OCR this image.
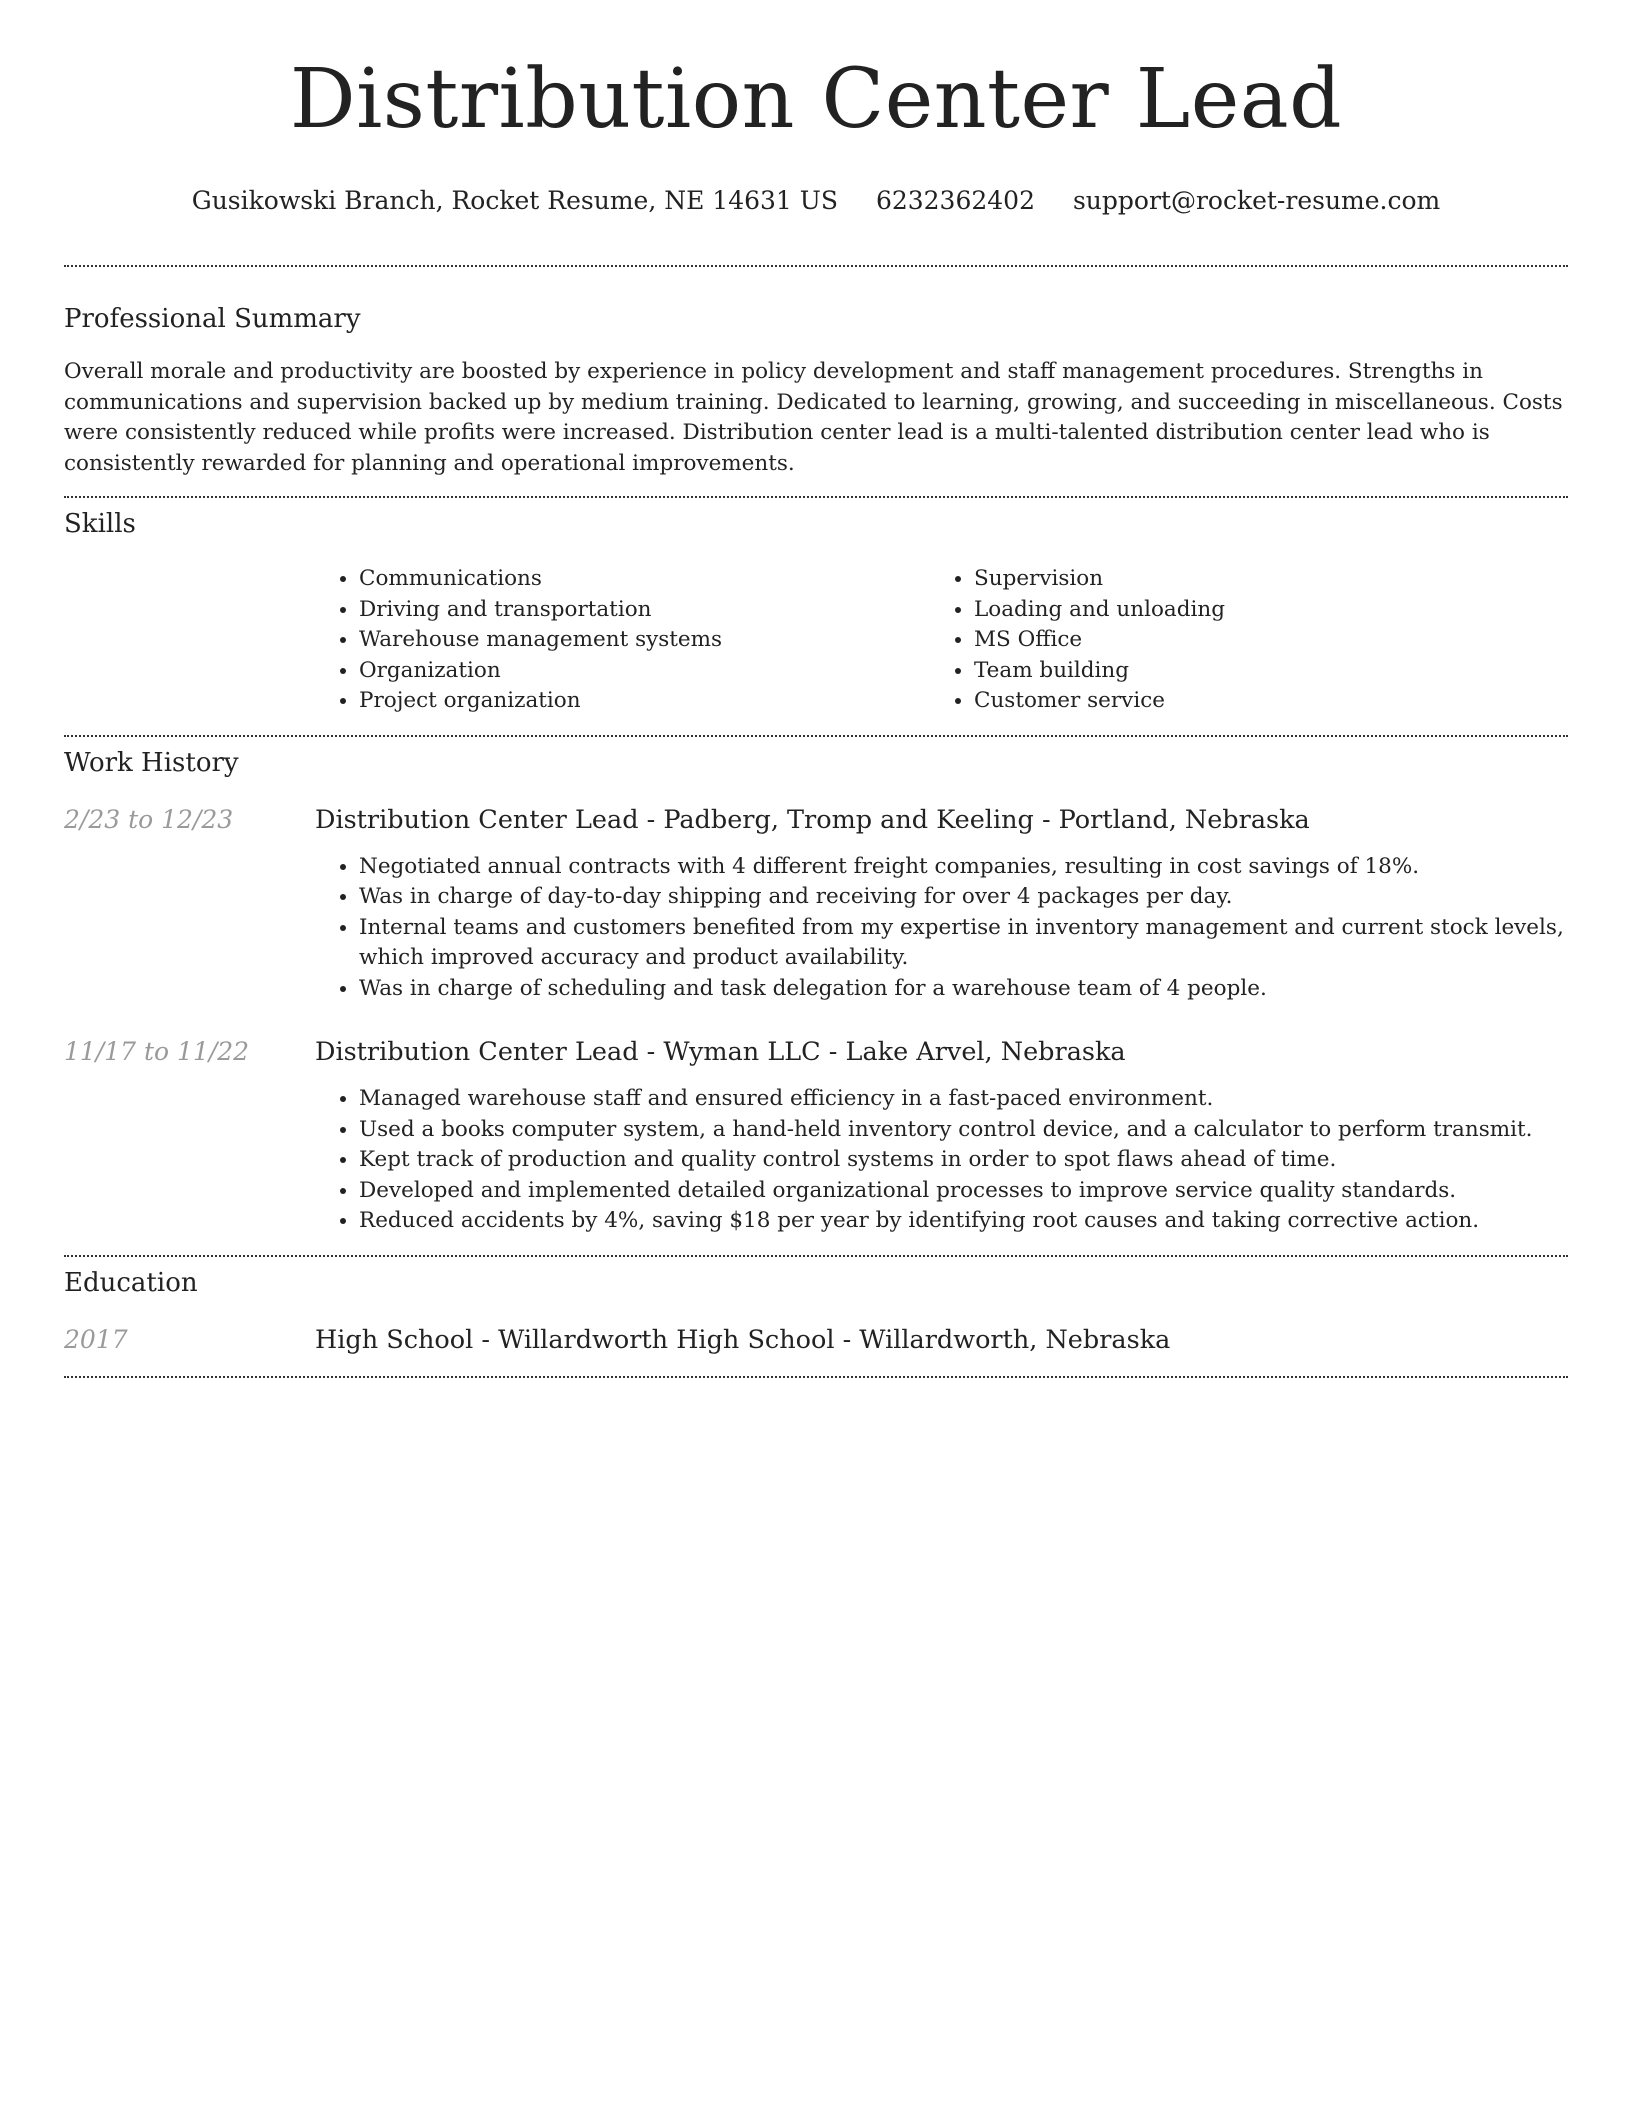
Distribution Center Lead
Gusikowski Branch, Rocket Resume, NE 14631 US 6232362402 support@rocket-resume.com
Professional Summary

Overall morale and productivity are boosted by experience in policy development and staff management procedures. Strengths in communications and supervision backed up by medium training. Dedicated to learning, growing, and succeeding in miscellaneous. Costs were consistently reduced while profits were increased. Distribution center lead is a multi-talented distribution center lead who is consistently rewarded for planning and operational improvements.

Skills
• Communications
• Driving and transportation
• Warehouse management systems
• Organization
• Project organization
• Supervision
• Loading and unloading
• MS Office
• Team building
• Customer service
Work History
2/23 to 12/23	Distribution Center Lead - Padberg, Tromp and Keeling - Portland, Nebraska
• Negotiated annual contracts with 4 different freight companies, resulting in cost savings of 18%.
• Was in charge of day-to-day shipping and receiving for over 4 packages per day.
• Internal teams and customers benefited from my expertise in inventory management and current stock levels, which improved accuracy and product availability.
• Was in charge of scheduling and task delegation for a warehouse team of 4 people.
11/17 to 11/22	Distribution Center Lead - Wyman LLC - Lake Arvel, Nebraska
• Managed warehouse staff and ensured efficiency in a fast-paced environment.
• Used a books computer system, a hand-held inventory control device, and a calculator to perform transmit.
• Kept track of production and quality control systems in order to spot flaws ahead of time.
• Developed and implemented detailed organizational processes to improve service quality standards.
• Reduced accidents by 4%, saving $18 per year by identifying root causes and taking corrective action.
Education
2017	High School - Willardworth High School - Willardworth, Nebraska
